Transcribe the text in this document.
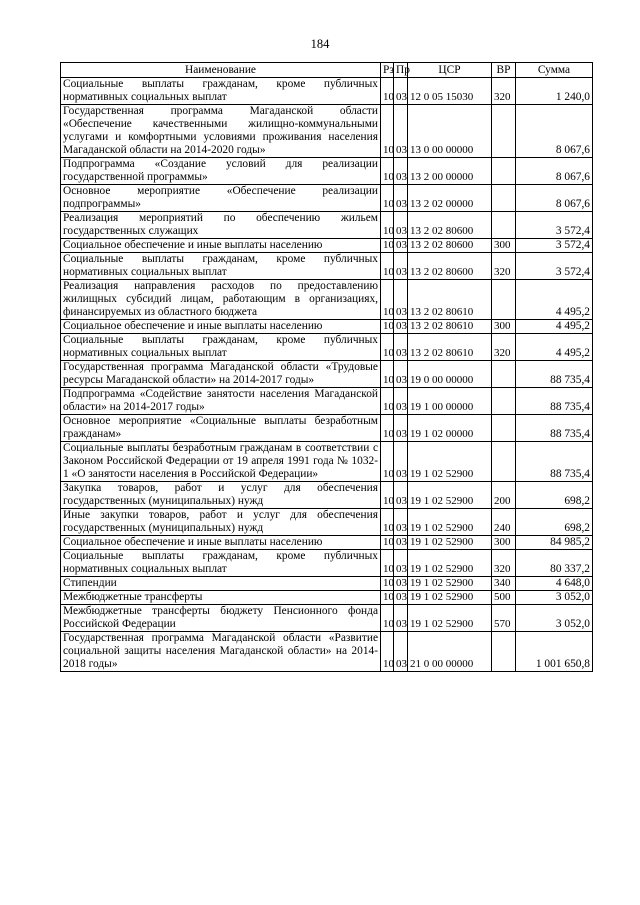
184
Наименование	Рз	Пр	ЦСР	ВР	Сумма
Социальные выплаты гражданам, кроме публичных нормативных социальных выплат	10	03	12 0 05 15030	320	1 240,0
Государственная программа Магаданской области «Обеспечение качественными жилищно-коммунальными услугами и комфортными условиями проживания населения Магаданской области на 2014-2020 годы»	10	03	13 0 00 00000		8 067,6
Подпрограмма «Создание условий для реализации государственной программы»	10	03	13 2 00 00000		8 067,6
Основное мероприятие «Обеспечение реализации подпрограммы»	10	03	13 2 02 00000		8 067,6
Реализация мероприятий по обеспечению жильем государственных служащих	10	03	13 2 02 80600		3 572,4
Социальное обеспечение и иные выплаты населению	10	03	13 2 02 80600	300	3 572,4
Социальные выплаты гражданам, кроме публичных нормативных социальных выплат	10	03	13 2 02 80600	320	3 572,4
Реализация направления расходов по предоставлению жилищных субсидий лицам, работающим в организациях, финансируемых из областного бюджета	10	03	13 2 02 80610		4 495,2
Социальное обеспечение и иные выплаты населению	10	03	13 2 02 80610	300	4 495,2
Социальные выплаты гражданам, кроме публичных нормативных социальных выплат	10	03	13 2 02 80610	320	4 495,2
Государственная программа Магаданской области «Трудовые ресурсы Магаданской области» на 2014-2017 годы»	10	03	19 0 00 00000		88 735,4
Подпрограмма «Содействие занятости населения Магаданской области» на 2014-2017 годы»	10	03	19 1 00 00000		88 735,4
Основное мероприятие «Социальные выплаты безработным гражданам»	10	03	19 1 02 00000		88 735,4
Социальные выплаты безработным гражданам в соответствии с Законом Российской Федерации от 19 апреля 1991 года № 1032-1 «О занятости населения в Российской Федерации»	10	03	19 1 02 52900		88 735,4
Закупка товаров, работ и услуг для обеспечения государственных (муниципальных) нужд	10	03	19 1 02 52900	200	698,2
Иные закупки товаров, работ и услуг для обеспечения государственных (муниципальных) нужд	10	03	19 1 02 52900	240	698,2
Социальное обеспечение и иные выплаты населению	10	03	19 1 02 52900	300	84 985,2
Социальные выплаты гражданам, кроме публичных нормативных социальных выплат	10	03	19 1 02 52900	320	80 337,2
Стипендии	10	03	19 1 02 52900	340	4 648,0
Межбюджетные трансферты	10	03	19 1 02 52900	500	3 052,0
Межбюджетные трансферты бюджету Пенсионного фонда Российской Федерации	10	03	19 1 02 52900	570	3 052,0
Государственная программа Магаданской области «Развитие социальной защиты населения Магаданской области» на 2014-2018 годы»	10	03	21 0 00 00000		1 001 650,8
